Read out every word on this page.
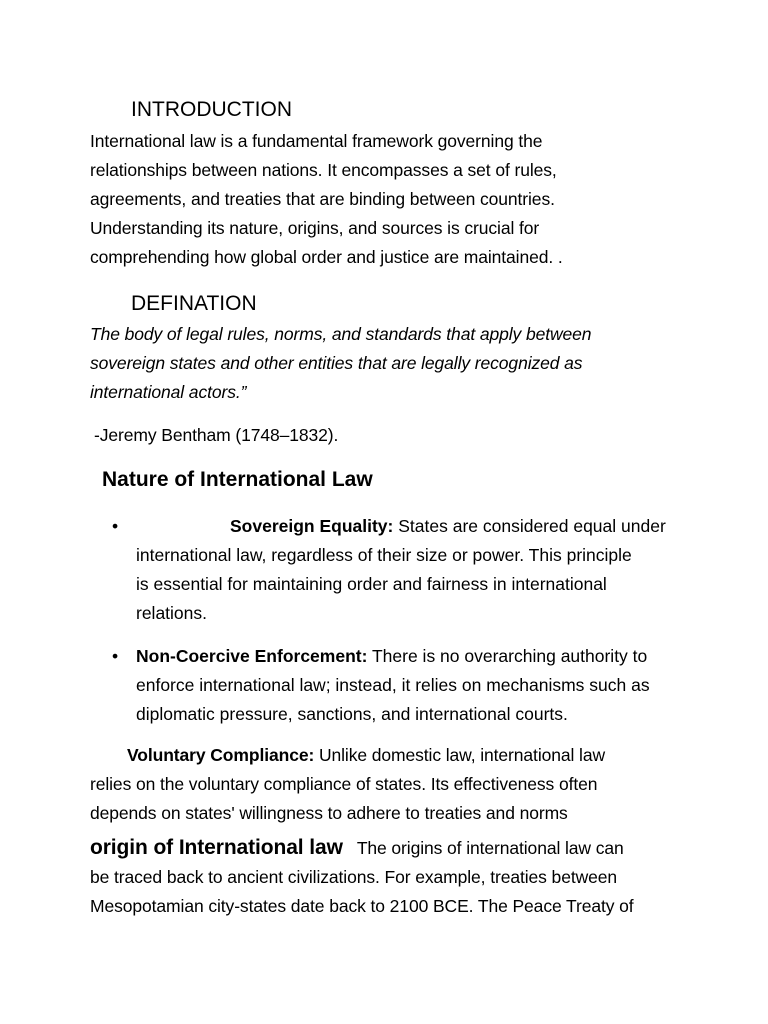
INTRODUCTION
International law is a fundamental framework governing the
relationships between nations. It encompasses a set of rules,
agreements, and treaties that are binding between countries.
Understanding its nature, origins, and sources is crucial for
comprehending how global order and justice are maintained. .
DEFINATION
The body of legal rules, norms, and standards that apply between
sovereign states and other entities that are legally recognized as
international actors.”
-Jeremy Bentham (1748–1832).
Nature of International Law
•	Sovereign Equality: States are considered equal under
international law, regardless of their size or power. This principle
is essential for maintaining order and fairness in international
relations.
• Non-Coercive Enforcement: There is no overarching authority to
enforce international law; instead, it relies on mechanisms such as
diplomatic pressure, sanctions, and international courts.
Voluntary Compliance: Unlike domestic law, international law
relies on the voluntary compliance of states. Its effectiveness often
depends on states' willingness to adhere to treaties and norms
origin of International law The origins of international law can
be traced back to ancient civilizations. For example, treaties between
Mesopotamian city-states date back to 2100 BCE. The Peace Treaty of
